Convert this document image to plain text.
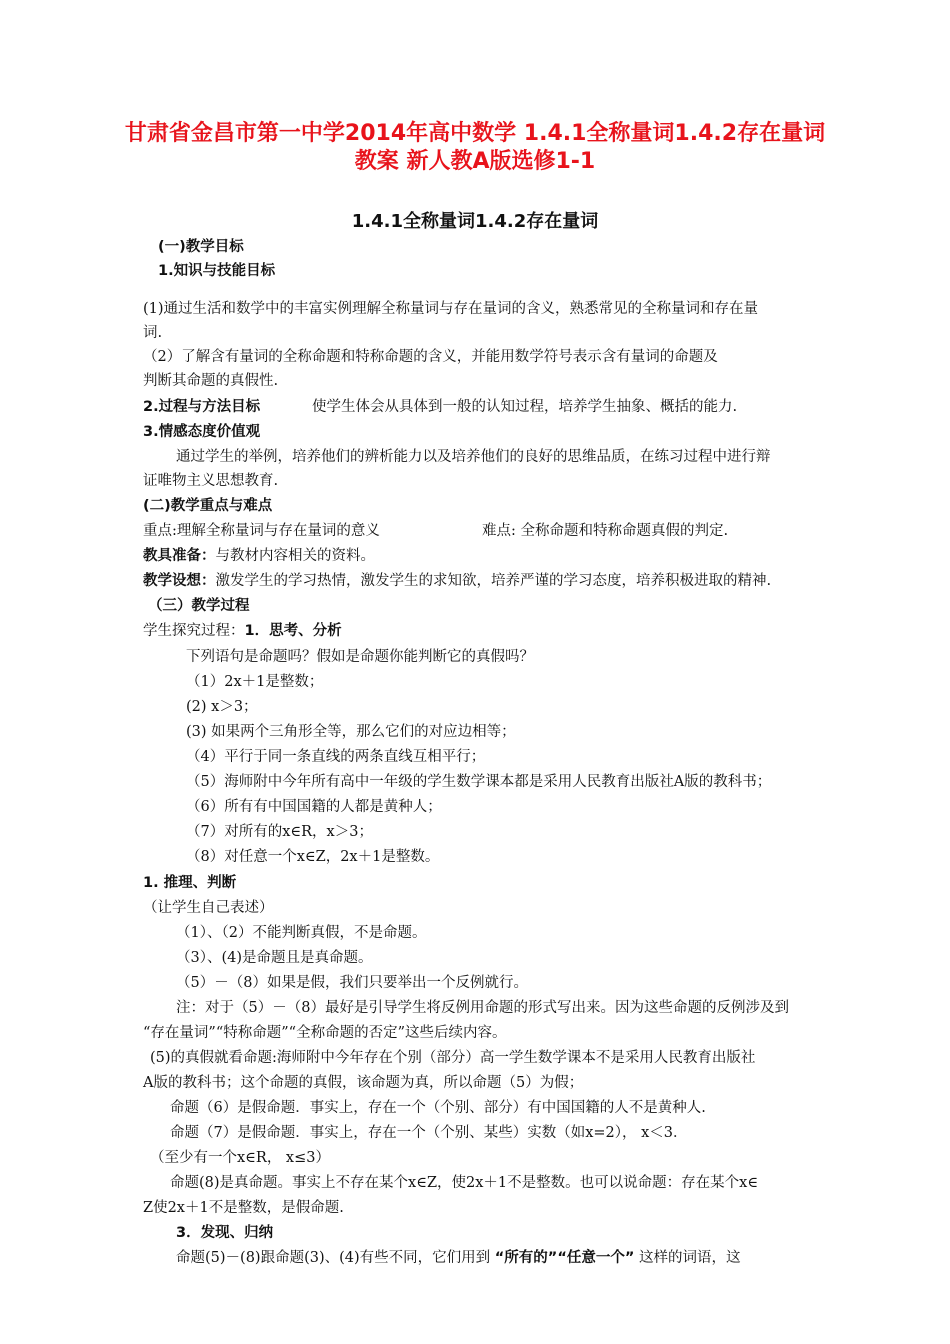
甘肃省金昌市第一中学2014年高中数学 1.4.1全称量词1.4.2存在量词
教案 新人教A版选修1-1
1.4.1全称量词1.4.2存在量词
(一)教学目标
1.知识与技能目标
(1)通过生活和数学中的丰富实例理解全称量词与存在量词的含义，熟悉常见的全称量词和存在量
词.
（2）了解含有量词的全称命题和特称命题的含义，并能用数学符号表示含有量词的命题及
判断其命题的真假性.
2.过程与方法目标	使学生体会从具体到一般的认知过程，培养学生抽象、概括的能力.
3.情感态度价值观
通过学生的举例，培养他们的辨析能力以及培养他们的良好的思维品质，在练习过程中进行辩
证唯物主义思想教育.
(二)教学重点与难点
重点:理解全称量词与存在量词的意义	难点: 全称命题和特称命题真假的判定.
教具准备：与教材内容相关的资料。
教学设想：激发学生的学习热情，激发学生的求知欲，培养严谨的学习态度，培养积极进取的精神.
（三）教学过程
学生探究过程：1．思考、分析
下列语句是命题吗？假如是命题你能判断它的真假吗？
（1）2x＋1是整数；
(2) x＞3；
(3) 如果两个三角形全等，那么它们的对应边相等；
（4）平行于同一条直线的两条直线互相平行；
（5）海师附中今年所有高中一年级的学生数学课本都是采用人民教育出版社A版的教科书；
（6）所有有中国国籍的人都是黄种人；
（7）对所有的x∈R，x＞3；
（8）对任意一个x∈Z，2x＋1是整数。
1. 推理、判断
（让学生自己表述）
（1）、（2）不能判断真假，不是命题。
（3）、(4)是命题且是真命题。
（5）－（8）如果是假，我们只要举出一个反例就行。
注：对于（5）－（8）最好是引导学生将反例用命题的形式写出来。因为这些命题的反例涉及到
“存在量词”“特称命题”“全称命题的否定”这些后续内容。
(5)的真假就看命题:海师附中今年存在个别（部分）高一学生数学课本不是采用人民教育出版社
A版的教科书；这个命题的真假，该命题为真，所以命题（5）为假；
命题（6）是假命题．事实上，存在一个（个别、部分）有中国国籍的人不是黄种人.
命题（7）是假命题．事实上，存在一个（个别、某些）实数（如x=2）， x＜3．
（至少有一个x∈R， x≤3）
命题(8)是真命题。事实上不存在某个x∈Z，使2x＋1不是整数。也可以说命题：存在某个x∈
Z使2x＋1不是整数，是假命题.
3．发现、归纳
命题(5)－(8)跟命题(3)、(4)有些不同，它们用到 “所有的”“任意一个” 这样的词语，这
